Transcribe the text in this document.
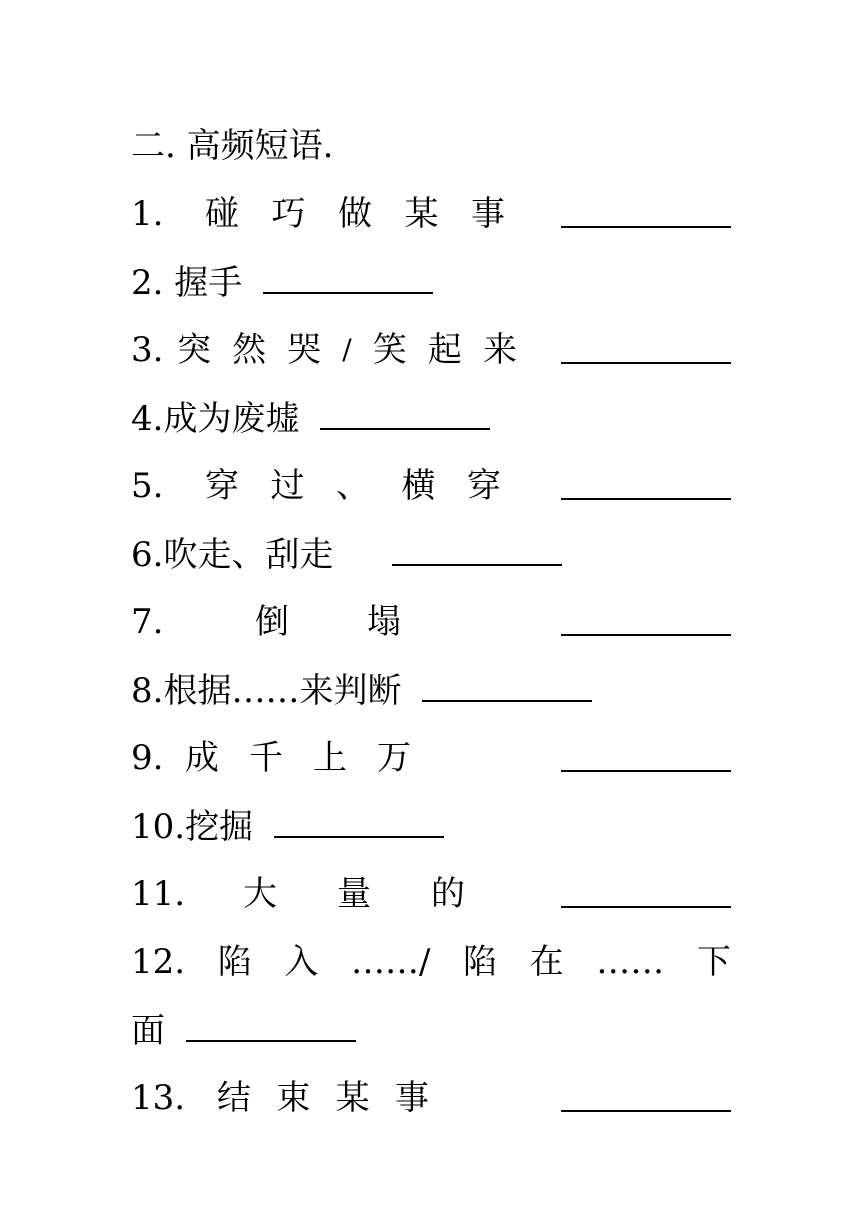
二. 高频短语.
1. 碰 巧 做 某 事
2. 握手
3. 突 然 哭 / 笑 起 来
4.成为废墟
5. 穿 过 、 横 穿
6.吹走、刮走
7.	倒 塌
8.根据……来判断
9. 成 千 上 万
10.挖掘
11. 大 量 的
12. 陷 入 ……/ 陷 在 …… 下
面
13. 结 束 某 事
